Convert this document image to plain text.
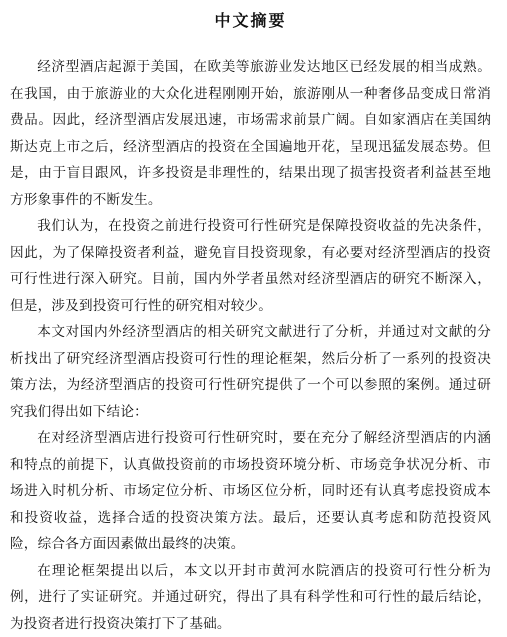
中文摘要

经济型酒店起源于美国，在欧美等旅游业发达地区已经发展的相当成熟。在我国，由于旅游业的大众化进程刚刚开始，旅游刚从一种奢侈品变成日常消费品。因此，经济型酒店发展迅速，市场需求前景广阔。自如家酒店在美国纳斯达克上市之后，经济型酒店的投资在全国遍地开花，呈现迅猛发展态势。但是，由于盲目跟风，许多投资是非理性的，结果出现了损害投资者利益甚至地方形象事件的不断发生。

我们认为，在投资之前进行投资可行性研究是保障投资收益的先决条件，因此，为了保障投资者利益，避免盲目投资现象，有必要对经济型酒店的投资可行性进行深入研究。目前，国内外学者虽然对经济型酒店的研究不断深入，但是，涉及到投资可行性的研究相对较少。

本文对国内外经济型酒店的相关研究文献进行了分析，并通过对文献的分析找出了研究经济型酒店投资可行性的理论框架，然后分析了一系列的投资决策方法，为经济型酒店的投资可行性研究提供了一个可以参照的案例。通过研究我们得出如下结论：

在对经济型酒店进行投资可行性研究时，要在充分了解经济型酒店的内涵和特点的前提下，认真做投资前的市场投资环境分析、市场竞争状况分析、市场进入时机分析、市场定位分析、市场区位分析，同时还有认真考虑投资成本和投资收益，选择合适的投资决策方法。最后，还要认真考虑和防范投资风险，综合各方面因素做出最终的决策。

在理论框架提出以后，本文以开封市黄河水院酒店的投资可行性分析为例，进行了实证研究。并通过研究，得出了具有科学性和可行性的最后结论，为投资者进行投资决策打下了基础。
